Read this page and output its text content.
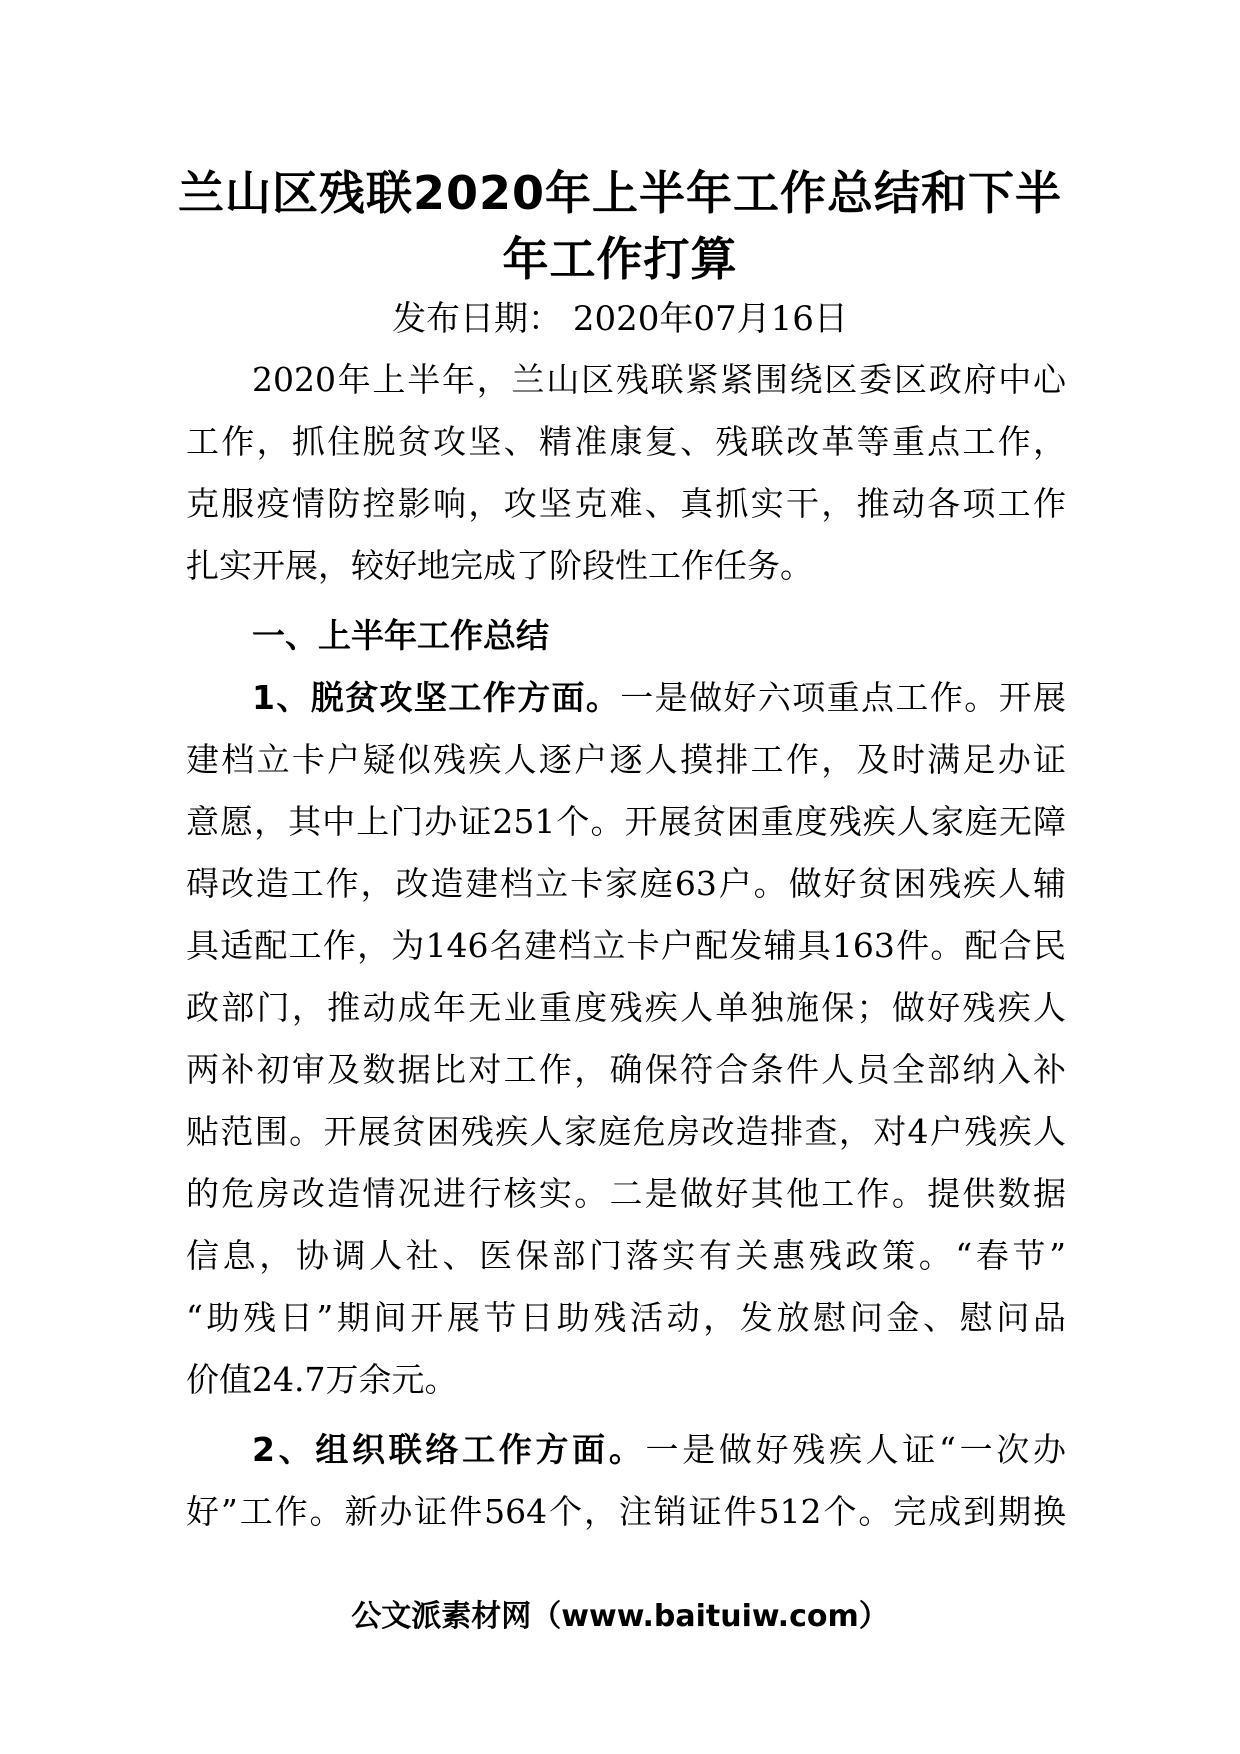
兰山区残联2020年上半年工作总结和下半
年工作打算
发布日期： 2020年07月16日
2020年上半年，兰山区残联紧紧围绕区委区政府中心
工作，抓住脱贫攻坚、精准康复、残联改革等重点工作，
克服疫情防控影响，攻坚克难、真抓实干，推动各项工作
扎实开展，较好地完成了阶段性工作任务。
一、上半年工作总结
1、脱贫攻坚工作方面。一是做好六项重点工作。开展
建档立卡户疑似残疾人逐户逐人摸排工作，及时满足办证
意愿，其中上门办证251个。开展贫困重度残疾人家庭无障
碍改造工作，改造建档立卡家庭63户。做好贫困残疾人辅
具适配工作，为146名建档立卡户配发辅具163件。配合民
政部门，推动成年无业重度残疾人单独施保；做好残疾人
两补初审及数据比对工作，确保符合条件人员全部纳入补
贴范围。开展贫困残疾人家庭危房改造排查，对4户残疾人
的危房改造情况进行核实。二是做好其他工作。提供数据
信息，协调人社、医保部门落实有关惠残政策。“春节”
“助残日”期间开展节日助残活动，发放慰问金、慰问品
价值24.7万余元。
2、组织联络工作方面。一是做好残疾人证“一次办
好”工作。新办证件564个，注销证件512个。完成到期换
公文派素材网（www.baituiw.com）
